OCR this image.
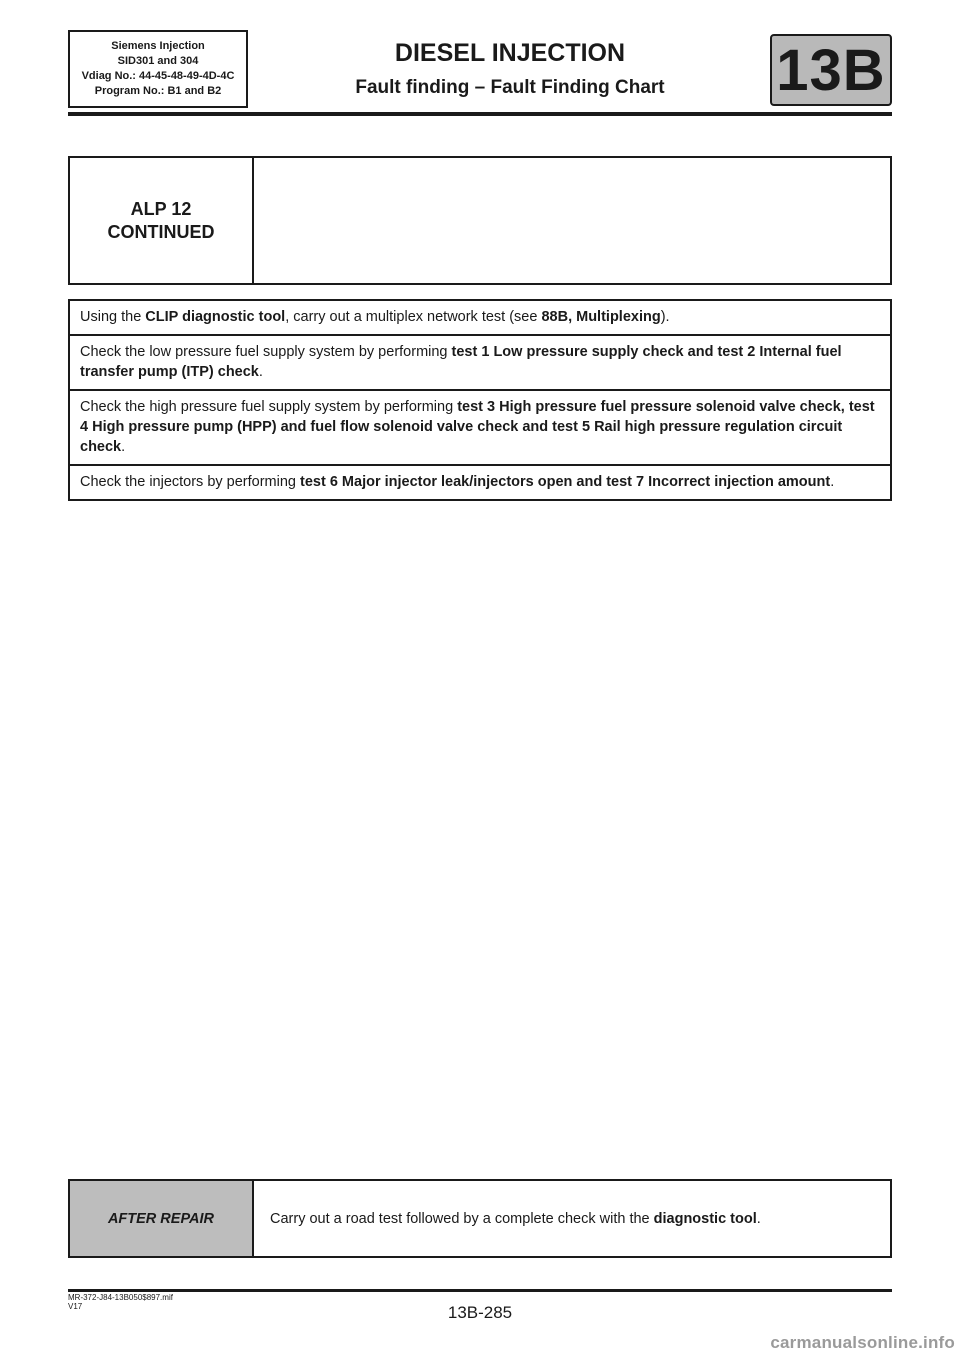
Siemens Injection
SID301 and 304
Vdiag No.: 44-45-48-49-4D-4C
Program No.: B1 and B2
DIESEL INJECTION
Fault finding – Fault Finding Chart	13B
ALP 12
CONTINUED
Using the CLIP diagnostic tool, carry out a multiplex network test (see 88B, Multiplexing).
Check the low pressure fuel supply system by performing test 1 Low pressure supply check and test 2 Internal fuel transfer pump (ITP) check.
Check the high pressure fuel supply system by performing test 3 High pressure fuel pressure solenoid valve check, test 4 High pressure pump (HPP) and fuel flow solenoid valve check and test 5 Rail high pressure regulation circuit check.
Check the injectors by performing test 6 Major injector leak/injectors open and test 7 Incorrect injection amount.
AFTER REPAIR	Carry out a road test followed by a complete check with the diagnostic tool.
MR-372-J84-13B050$897.mif
V17	13B-285
carmanualsonline.info
